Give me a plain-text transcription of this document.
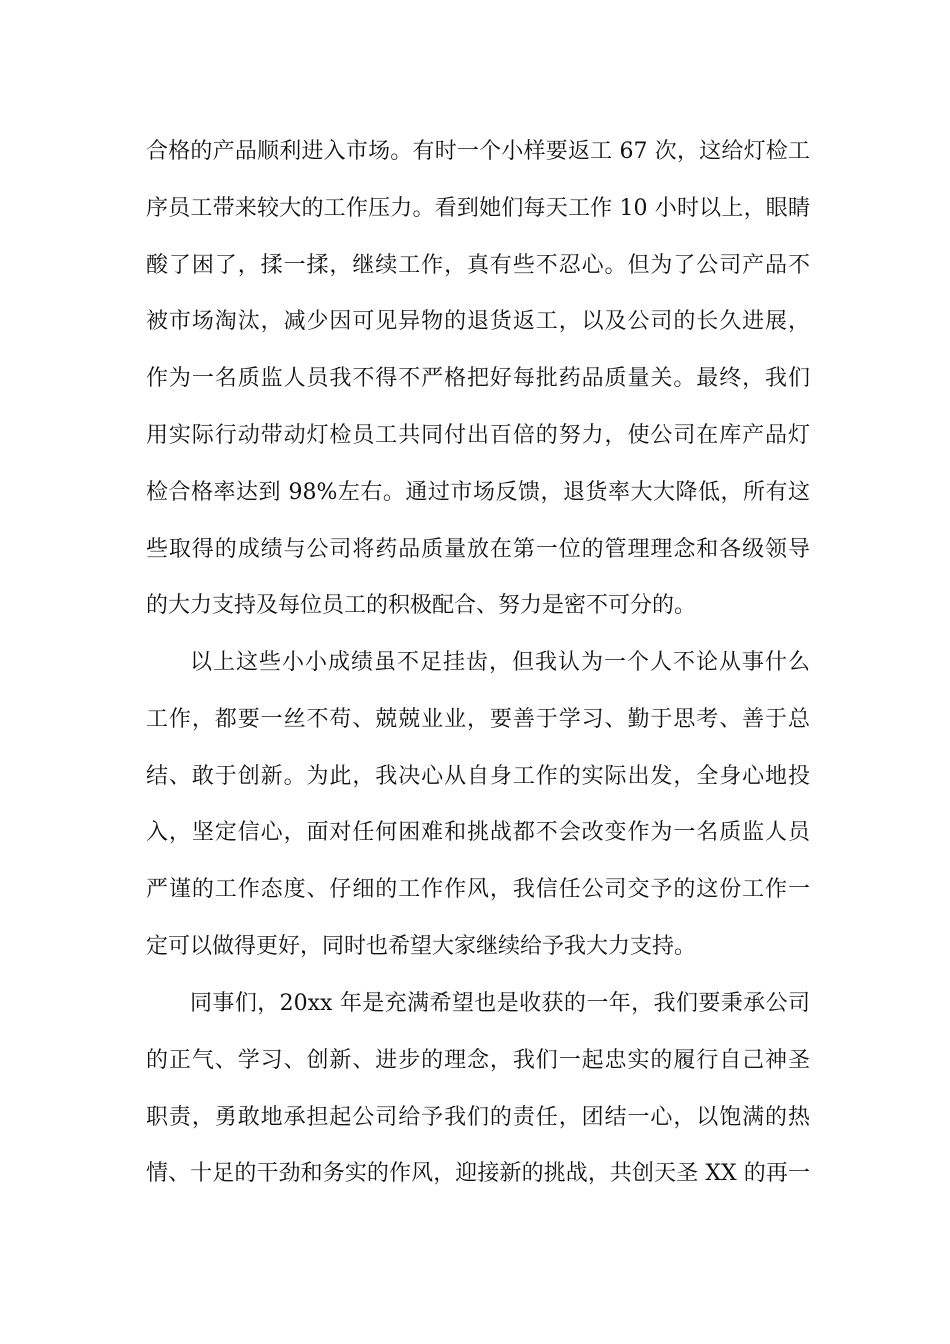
合格的产品顺利进入市场。有时一个小样要返工 67 次，这给灯检工
序员工带来较大的工作压力。看到她们每天工作 10 小时以上，眼睛
酸了困了，揉一揉，继续工作，真有些不忍心。但为了公司产品不
被市场淘汰，减少因可见异物的退货返工，以及公司的长久进展，
作为一名质监人员我不得不严格把好每批药品质量关。最终，我们
用实际行动带动灯检员工共同付出百倍的努力，使公司在库产品灯
检合格率达到 98%左右。通过市场反馈，退货率大大降低，所有这
些取得的成绩与公司将药品质量放在第一位的管理理念和各级领导
的大力支持及每位员工的积极配合、努力是密不可分的。
以上这些小小成绩虽不足挂齿，但我认为一个人不论从事什么
工作，都要一丝不苟、兢兢业业，要善于学习、勤于思考、善于总
结、敢于创新。为此，我决心从自身工作的实际出发，全身心地投
入，坚定信心，面对任何困难和挑战都不会改变作为一名质监人员
严谨的工作态度、仔细的工作作风，我信任公司交予的这份工作一
定可以做得更好，同时也希望大家继续给予我大力支持。
同事们，20xx 年是充满希望也是收获的一年，我们要秉承公司
的正气、学习、创新、进步的理念，我们一起忠实的履行自己神圣
职责，勇敢地承担起公司给予我们的责任，团结一心，以饱满的热
情、十足的干劲和务实的作风，迎接新的挑战，共创天圣 XX 的再一
